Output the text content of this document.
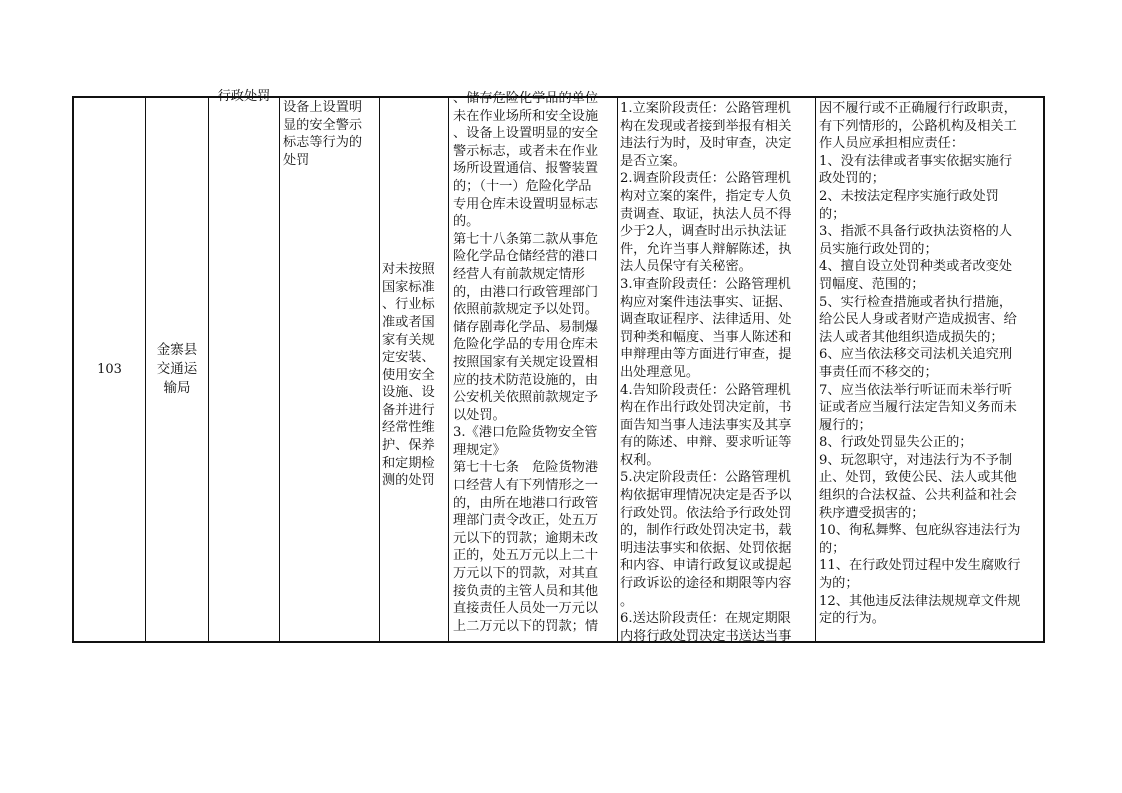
103
金寨县
交通运
输局
行政处罚
设备上设置明
显的安全警示
标志等行为的
处罚
对未按照
国家标准
、行业标
准或者国
家有关规
定安装、
使用安全
设施、设
备并进行
经常性维
护、保养
和定期检
测的处罚
、储存危险化学品的单位
未在作业场所和安全设施
、设备上设置明显的安全
警示标志，或者未在作业
场所设置通信、报警装置
的；（十一）危险化学品
专用仓库未设置明显标志
的。
第七十八条第二款从事危
险化学品仓储经营的港口
经营人有前款规定情形
的，由港口行政管理部门
依照前款规定予以处罚。
储存剧毒化学品、易制爆
危险化学品的专用仓库未
按照国家有关规定设置相
应的技术防范设施的，由
公安机关依照前款规定予
以处罚。
3.《港口危险货物安全管
理规定》
第七十七条　危险货物港
口经营人有下列情形之一
的，由所在地港口行政管
理部门责令改正，处五万
元以下的罚款；逾期未改
正的，处五万元以上二十
万元以下的罚款，对其直
接负责的主管人员和其他
直接责任人员处一万元以
上二万元以下的罚款；情
1.立案阶段责任：公路管理机
构在发现或者接到举报有相关
违法行为时，及时审查，决定
是否立案。
2.调查阶段责任：公路管理机
构对立案的案件，指定专人负
责调查、取证，执法人员不得
少于2人，调查时出示执法证
件，允许当事人辩解陈述，执
法人员保守有关秘密。
3.审查阶段责任：公路管理机
构应对案件违法事实、证据、
调查取证程序、法律适用、处
罚种类和幅度、当事人陈述和
申辩理由等方面进行审查，提
出处理意见。
4.告知阶段责任：公路管理机
构在作出行政处罚决定前，书
面告知当事人违法事实及其享
有的陈述、申辩、要求听证等
权利。
5.决定阶段责任：公路管理机
构依据审理情况决定是否予以
行政处罚。依法给予行政处罚
的，制作行政处罚决定书，载
明违法事实和依据、处罚依据
和内容、申请行政复议或提起
行政诉讼的途径和期限等内容
。
6.送达阶段责任：在规定期限
内将行政处罚决定书送达当事
因不履行或不正确履行行政职责，
有下列情形的，公路机构及相关工
作人员应承担相应责任：
1、没有法律或者事实依据实施行
政处罚的；
2、未按法定程序实施行政处罚
的；
3、指派不具备行政执法资格的人
员实施行政处罚的；
4、擅自设立处罚种类或者改变处
罚幅度、范围的；
5、实行检查措施或者执行措施，
给公民人身或者财产造成损害、给
法人或者其他组织造成损失的；
6、应当依法移交司法机关追究刑
事责任而不移交的；
7、应当依法举行听证而未举行听
证或者应当履行法定告知义务而未
履行的；
8、行政处罚显失公正的；
9、玩忽职守，对违法行为不予制
止、处罚，致使公民、法人或其他
组织的合法权益、公共利益和社会
秩序遭受损害的；
10、徇私舞弊、包庇纵容违法行为
的；
11、在行政处罚过程中发生腐败行
为的；
12、其他违反法律法规规章文件规
定的行为。
